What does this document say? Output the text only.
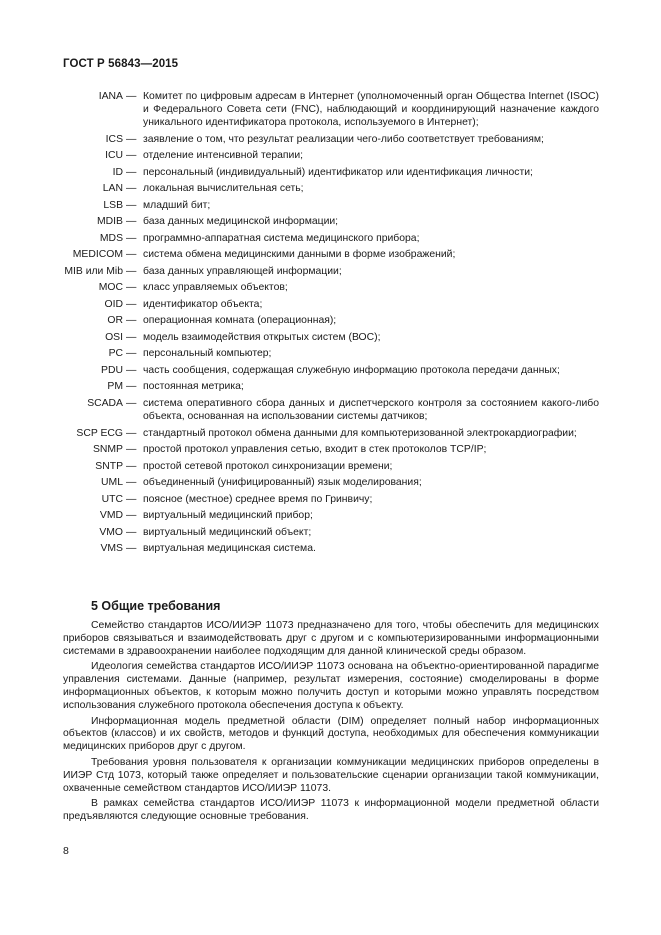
ГОСТ Р 56843—2015
IANA — Комитет по цифровым адресам в Интернет (уполномоченный орган Общества Internet (ISOC) и Федерального Совета сети (FNC), наблюдающий и координирующий назначение каждого уникального идентификатора протокола, используемого в Интернет);
ICS — заявление о том, что результат реализации чего-либо соответствует требованиям;
ICU — отделение интенсивной терапии;
ID — персональный (индивидуальный) идентификатор или идентификация личности;
LAN — локальная вычислительная сеть;
LSB — младший бит;
MDIB — база данных медицинской информации;
MDS — программно-аппаратная система медицинского прибора;
MEDICOM — система обмена медицинскими данными в форме изображений;
MIB или Mib — база данных управляющей информации;
MOC — класс управляемых объектов;
OID — идентификатор объекта;
OR — операционная комната (операционная);
OSI — модель взаимодействия открытых систем (ВОС);
PC — персональный компьютер;
PDU — часть сообщения, содержащая служебную информацию протокола передачи данных;
PM — постоянная метрика;
SCADA — система оперативного сбора данных и диспетчерского контроля за состоянием какого-либо объекта, основанная на использовании системы датчиков;
SCP ECG — стандартный протокол обмена данными для компьютеризованной электрокардиографии;
SNMP — простой протокол управления сетью, входит в стек протоколов TCP/IP;
SNTP — простой сетевой протокол синхронизации времени;
UML — объединенный (унифицированный) язык моделирования;
UTC — поясное (местное) среднее время по Гринвичу;
VMD — виртуальный медицинский прибор;
VMO — виртуальный медицинский объект;
VMS — виртуальная медицинская система.
5 Общие требования

Семейство стандартов ИСО/ИИЭР 11073 предназначено для того, чтобы обеспечить для медицинских приборов связываться и взаимодействовать друг с другом и с компьютеризированными информационными системами в здравоохранении наиболее подходящим для данной клинической среды образом.

Идеология семейства стандартов ИСО/ИИЭР 11073 основана на объектно-ориентированной парадигме управления системами. Данные (например, результат измерения, состояние) смоделированы в форме информационных объектов, к которым можно получить доступ и которыми можно управлять посредством использования служебного протокола обеспечения доступа к объекту.

Информационная модель предметной области (DIM) определяет полный набор информационных объектов (классов) и их свойств, методов и функций доступа, необходимых для обеспечения коммуникации медицинских приборов друг с другом.

Требования уровня пользователя к организации коммуникации медицинских приборов определены в ИИЭР Стд 1073, который также определяет и пользовательские сценарии организации такой коммуникации, охваченные семейством стандартов ИСО/ИИЭР 11073.

В рамках семейства стандартов ИСО/ИИЭР 11073 к информационной модели предметной области предъявляются следующие основные требования.

8
